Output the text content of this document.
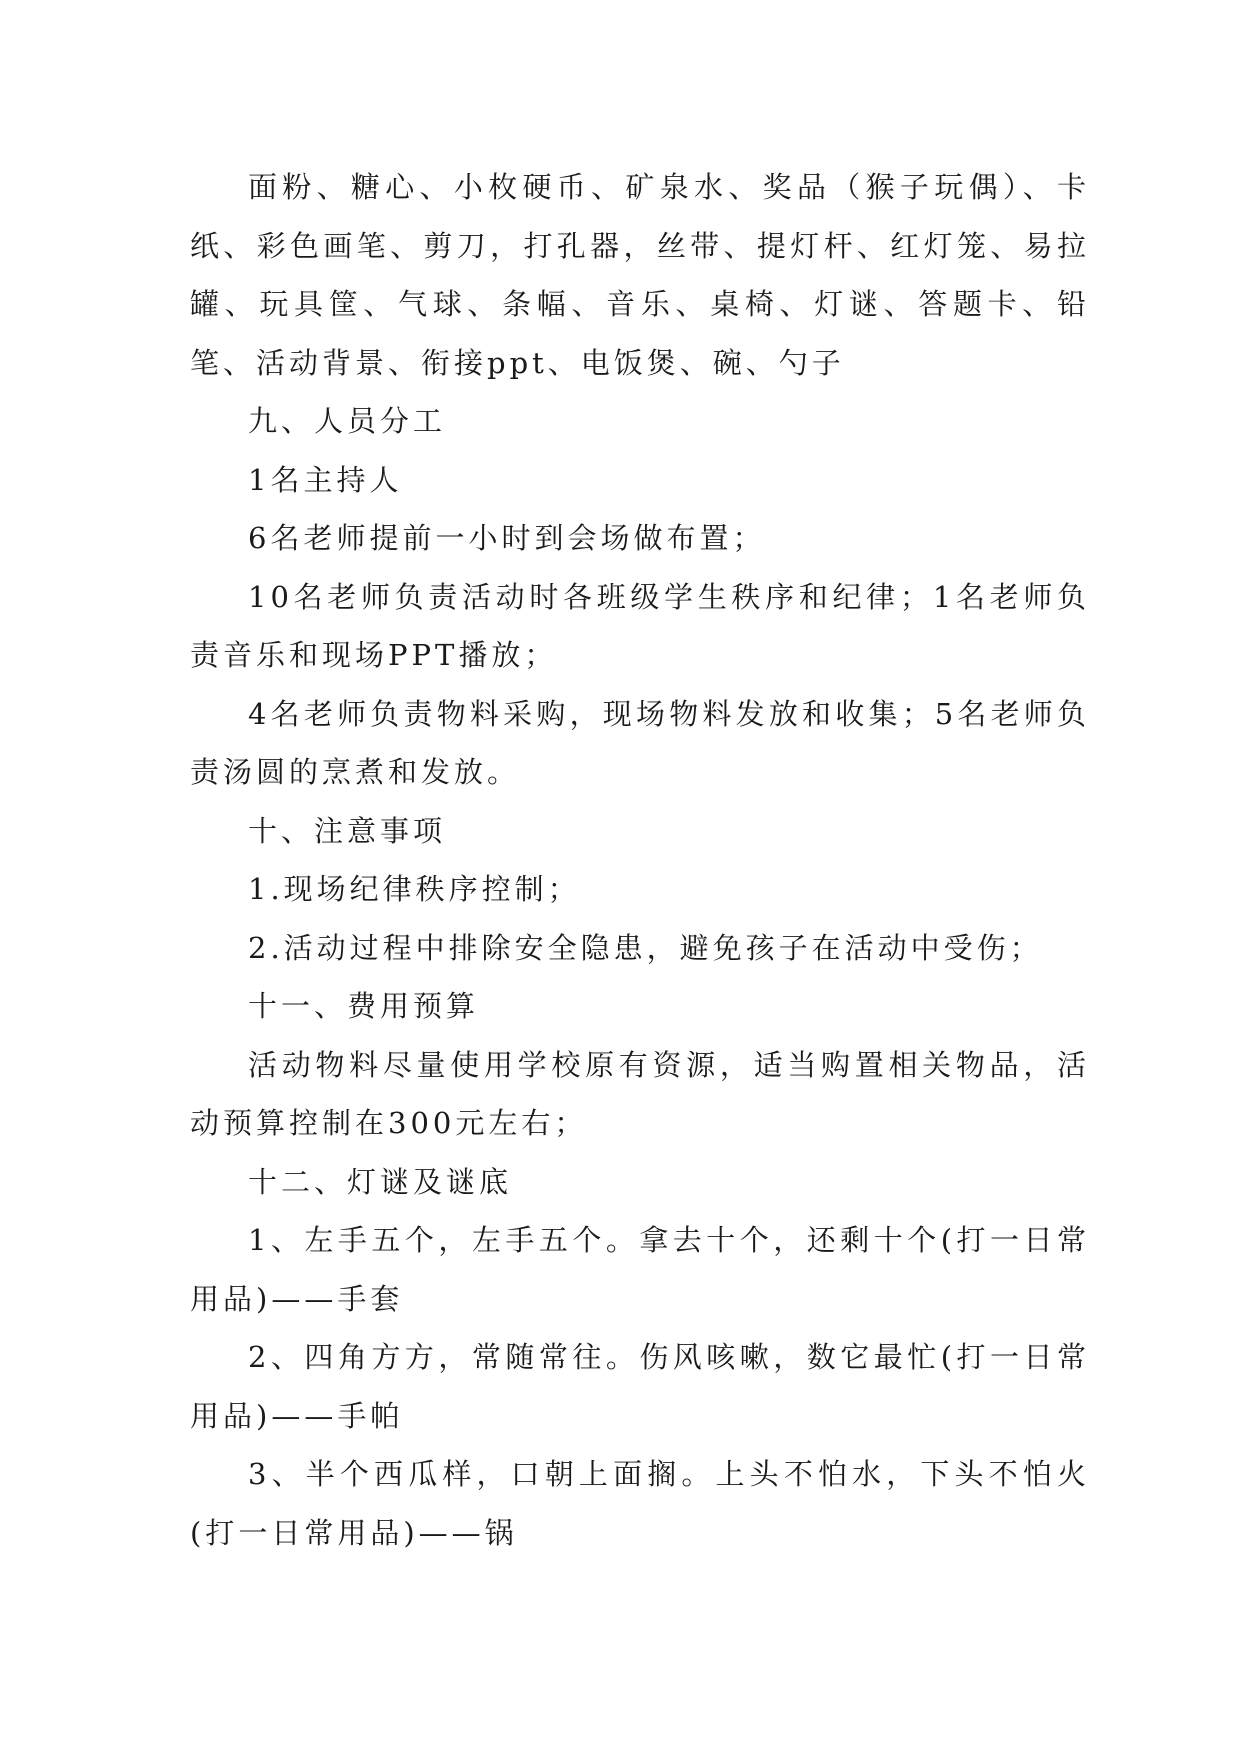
面粉、糖心、小枚硬币、矿泉水、奖品（猴子玩偶）、卡纸、彩色画笔、剪刀，打孔器，丝带、提灯杆、红灯笼、易拉罐、玩具筐、气球、条幅、音乐、桌椅、灯谜、答题卡、铅笔、活动背景、衔接ppt、电饭煲、碗、勺子

九、人员分工

1名主持人

6名老师提前一小时到会场做布置；

10名老师负责活动时各班级学生秩序和纪律；1名老师负责音乐和现场PPT播放；

4名老师负责物料采购，现场物料发放和收集；5名老师负责汤圆的烹煮和发放。

十、注意事项

1.现场纪律秩序控制；

2.活动过程中排除安全隐患，避免孩子在活动中受伤；

十一、费用预算

活动物料尽量使用学校原有资源，适当购置相关物品，活动预算控制在300元左右；

十二、灯谜及谜底

1、左手五个，左手五个。拿去十个，还剩十个(打一日常用品)——手套

2、四角方方，常随常往。伤风咳嗽，数它最忙(打一日常用品)——手帕

3、半个西瓜样，口朝上面搁。上头不怕水，下头不怕火(打一日常用品)——锅
